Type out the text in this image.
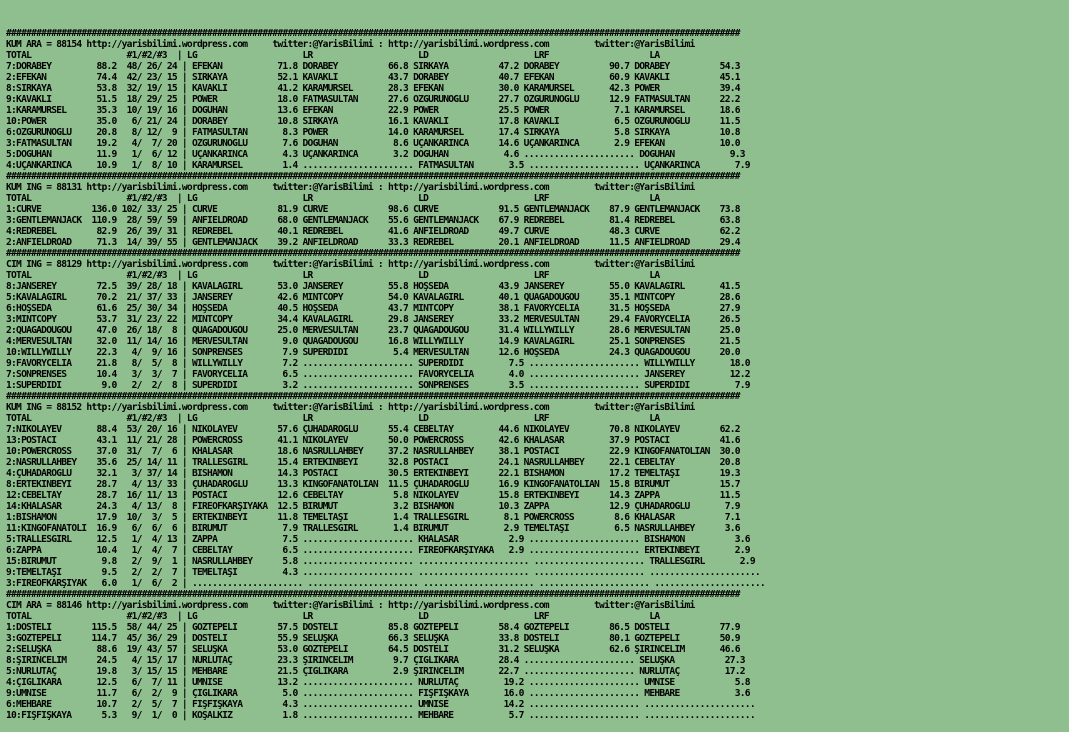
##################################################################################################################################################
KUM ARA = 88154 http://yarisbilimi.wordpress.com     twitter:@YarisBilimi : http://yarisbilimi.wordpress.com         twitter:@YarisBilimi
TOTAL                   #1/#2/#3  | LG                     LR                     LD                     LRF                    LA
7:DORABEY         88.2  48/ 26/ 24 | EFEKAN           71.8 DORABEY          66.8 SIRKAYA          47.2 DORABEY          90.7 DORABEY          54.3
2:EFEKAN          74.4  42/ 23/ 15 | SIRKAYA          52.1 KAVAKLI          43.7 DORABEY          40.7 EFEKAN           60.9 KAVAKLI          45.1
8:SIRKAYA         53.8  32/ 19/ 15 | KAVAKLI          41.2 KARAMÜRSEL       28.3 EFEKAN           30.0 KARAMÜRSEL       42.3 POWER            39.4
9:KAVAKLI         51.5  18/ 29/ 25 | POWER            18.0 FATMASULTAN      27.6 ÖZGÜRÜNOĞLU      27.7 ÖZGÜRÜNOĞLU      12.9 FATMASULTAN      22.2
1:KARAMÜRSEL      35.3  10/ 19/ 16 | DOĞUHAN          13.6 EFEKAN           22.9 POWER            25.5 POWER             7.1 KARAMÜRSEL       18.6
10:POWER          35.0   6/ 21/ 24 | DORABEY          10.8 SIRKAYA          16.1 KAVAKLI          17.8 KAVAKLI           6.5 ÖZGÜRÜNOĞLU      11.5
6:ÖZGÜRÜNOĞLU     20.8   8/ 12/  9 | FATMASULTAN       8.3 POWER            14.0 KARAMÜRSEL       17.4 SIRKAYA           5.8 SIRKAYA          10.8
3:FATMASULTAN     19.2   4/  7/ 20 | ÖZGÜRÜNOĞLU       7.6 DOĞUHAN           8.6 UÇANKARINCA      14.6 UÇANKARINCA       2.9 EFEKAN           10.0
5:DOĞUHAN         11.9   1/  6/ 12 | UÇANKARINCA       4.3 UÇANKARINCA       3.2 DOĞUHAN           4.6 ...................... DOĞUHAN           9.3
4:UÇANKARINCA     10.9   1/  8/ 10 | KARAMÜRSEL        1.4 ...................... FATMASULTAN       3.5 ...................... UÇANKARINCA       7.9
##################################################################################################################################################
KUM ING = 88131 http://yarisbilimi.wordpress.com     twitter:@YarisBilimi : http://yarisbilimi.wordpress.com         twitter:@YarisBilimi
TOTAL                   #1/#2/#3  | LG                     LR                     LD                     LRF                    LA
1:CURVE          136.0 102/ 33/ 25 | CURVE            81.9 CURVE            98.6 CURVE            91.5 GENTLEMANJACK    87.9 GENTLEMANJACK    73.8
3:GENTLEMANJACK  110.9  28/ 59/ 59 | ANFIELDROAD      68.0 GENTLEMANJACK    55.6 GENTLEMANJACK    67.9 REDREBEL         81.4 REDREBEL         63.8
4:REDREBEL        82.9  26/ 39/ 31 | REDREBEL         40.1 REDREBEL         41.6 ANFIELDROAD      49.7 CURVE            48.3 CURVE            62.2
2:ANFIELDROAD     71.3  14/ 39/ 55 | GENTLEMANJACK    39.2 ANFIELDROAD      33.3 REDREBEL         20.1 ANFIELDROAD      11.5 ANFIELDROAD      29.4
##################################################################################################################################################
CIM ING = 88129 http://yarisbilimi.wordpress.com     twitter:@YarisBilimi : http://yarisbilimi.wordpress.com         twitter:@YarisBilimi
TOTAL                   #1/#2/#3  | LG                     LR                     LD                     LRF                    LA
8:JANSEREY        72.5  39/ 28/ 18 | KAVALAGIRL       53.0 JANSEREY         55.8 HOŞSEDA          43.9 JANSEREY         55.0 KAVALAGIRL       41.5
5:KAVALAGIRL      70.2  21/ 37/ 33 | JANSEREY         42.6 MINTCOPY         54.0 KAVALAGIRL       40.1 QUAGADOUGOU      35.1 MINTCOPY         28.6
6:HOŞSEDA         61.6  25/ 30/ 34 | HOŞSEDA          40.5 HOŞSEDA          43.7 MINTCOPY         38.1 FAVORYCELIA      31.5 HOŞSEDA          27.9
3:MINTCOPY        53.7  31/ 23/ 22 | MINTCOPY         34.4 KAVALAGIRL       29.8 JANSEREY         33.2 MERVESULTAN      29.4 FAVORYCELIA      26.5
2:QUAGADOUGOU     47.0  26/ 18/  8 | QUAGADOUGOU      25.0 MERVESULTAN      23.7 QUAGADOUGOU      31.4 WILLYWILLY       28.6 MERVESULTAN      25.0
4:MERVESULTAN     32.0  11/ 14/ 16 | MERVESULTAN       9.0 QUAGADOUGOU      16.8 WILLYWILLY       14.9 KAVALAGIRL       25.1 SONPRENSES       21.5
10:WILLYWILLY     22.3   4/  9/ 16 | SONPRENSES        7.9 SUPERDİDİ         5.4 MERVESULTAN      12.6 HOŞSEDA          24.3 QUAGADOUGOU      20.0
9:FAVORYCELIA     21.8   8/  5/  8 | WILLYWILLY        7.2 ...................... SUPERDİDİ         7.5 ...................... WILLYWILLY       18.0
7:SONPRENSES      10.4   3/  3/  7 | FAVORYCELIA       6.5 ...................... FAVORYCELIA       4.0 ...................... JANSEREY         12.2
1:SUPERDİDİ        9.0   2/  2/  8 | SUPERDİDİ         3.2 ...................... SONPRENSES        3.5 ...................... SUPERDİDİ         7.9
##################################################################################################################################################
KUM ING = 88152 http://yarisbilimi.wordpress.com     twitter:@YarisBilimi : http://yarisbilimi.wordpress.com         twitter:@YarisBilimi
TOTAL                   #1/#2/#3  | LG                     LR                     LD                     LRF                    LA
7:NIKOLAYEV       88.4  53/ 20/ 16 | NIKOLAYEV        57.6 ÇUHADAROĞLU      55.4 CEBELTAY         44.6 NIKOLAYEV        70.8 NIKOLAYEV        62.2
13:POSTACI        43.1  11/ 21/ 28 | POWERCROSS       41.1 NIKOLAYEV        50.0 POWERCROSS       42.6 KHALASAR         37.9 POSTACI          41.6
10:POWERCROSS     37.0  31/  7/  6 | KHALASAR         18.6 NASRULLAHBEY     37.2 NASRULLAHBEY     38.1 POSTACI          22.9 KINGOFANATOLIAN  30.0
2:NASRULLAHBEY    35.6  25/ 14/ 11 | TRALLESGIRL      15.4 ERTEKİNBEYİ      32.8 POSTACI          24.1 NASRULLAHBEY     22.1 CEBELTAY         20.8
4:ÇUHADAROĞLU     32.1   3/ 37/ 14 | BİSHAMON         14.3 POSTACI          30.5 ERTEKİNBEYİ      22.1 BİSHAMON         17.2 TEMELTAŞI        19.3
8:ERTEKİNBEYİ     28.7   4/ 13/ 33 | ÇUHADAROĞLU      13.3 KINGOFANATOLIAN  11.5 ÇUHADAROĞLU      16.9 KINGOFANATOLIAN  15.8 BİRUMUT          15.7
12:CEBELTAY       28.7  16/ 11/ 13 | POSTACI          12.6 CEBELTAY          5.8 NIKOLAYEV        15.8 ERTEKİNBEYİ      14.3 ZAPPA            11.5
14:KHALASAR       24.3   4/ 13/  8 | FIREOFKARŞIYAKA  12.5 BİRUMUT           3.2 BİSHAMON         10.3 ZAPPA            12.9 ÇUHADAROĞLU       7.9
1:BİSHAMON        17.9  10/  3/  5 | ERTEKİNBEYİ      11.8 TEMELTAŞI         1.4 TRALLESGIRL       8.1 POWERCROSS        8.6 KHALASAR          7.1
11:KINGOFANATOLI  16.9   6/  6/  6 | BİRUMUT           7.9 TRALLESGIRL       1.4 BİRUMUT           2.9 TEMELTAŞI         6.5 NASRULLAHBEY      3.6
5:TRALLESGIRL     12.5   1/  4/ 13 | ZAPPA             7.5 ...................... KHALASAR          2.9 ...................... BİSHAMON          3.6
6:ZAPPA           10.4   1/  4/  7 | CEBELTAY          6.5 ...................... FIREOFKARŞIYAKA   2.9 ...................... ERTEKİNBEYİ       2.9
15:BİRUMUT         9.8   2/  9/  1 | NASRULLAHBEY      5.8 ...................... ...................... ...................... TRALLESGIRL       2.9
9:TEMELTAŞI        9.5   2/  2/  7 | TEMELTAŞI         4.3 ...................... ...................... ...................... ......................
3:FIREOFKARŞIYAK   6.0   1/  6/  2 | ...................... ...................... ...................... ...................... ......................
##################################################################################################################################################
CIM ARA = 88146 http://yarisbilimi.wordpress.com     twitter:@YarisBilimi : http://yarisbilimi.wordpress.com         twitter:@YarisBilimi
TOTAL                   #1/#2/#3  | LG                     LR                     LD                     LRF                    LA
1:DOSTELİ        115.5  58/ 44/ 25 | GÖZTEPELİ        57.5 DOSTELİ          85.8 GÖZTEPELİ        58.4 GÖZTEPELİ        86.5 DOSTELİ          77.9
3:GÖZTEPELİ      114.7  45/ 36/ 29 | DOSTELİ          55.9 SELUŞKA          66.3 SELUŞKA          33.8 DOSTELİ          80.1 GÖZTEPELİ        50.9
2:SELUŞKA         88.6  19/ 43/ 57 | SELUŞKA          53.0 GÖZTEPELİ        64.5 DOSTELİ          31.2 SELUŞKA          62.6 ŞİRİNCELİM       46.6
8:ŞİRİNCELİM      24.5   4/ 15/ 17 | NURLUTAÇ         23.3 ŞİRİNCELİM        9.7 ÇIĞLIKARA        28.4 ...................... SELUŞKA          27.3
5:NURLUTAÇ        19.8   3/ 15/ 15 | MEHBARE          21.5 ÇIĞLIKARA         2.9 ŞİRİNCELİM       22.7 ...................... NURLUTAÇ         17.2
4:ÇIĞLIKARA       12.5   6/  7/ 11 | UMNİSE           13.2 ...................... NURLUTAÇ         19.2 ...................... UMNİSE            5.8
9:UMNİSE          11.7   6/  2/  9 | ÇIĞLIKARA         5.0 ...................... FIŞFIŞKAYA       16.0 ...................... MEHBARE           3.6
6:MEHBARE         10.7   2/  5/  7 | FIŞFIŞKAYA        4.3 ...................... UMNİSE           14.2 ...................... ......................
10:FIŞFIŞKAYA      5.3   9/  1/  0 | KOŞALKIZ          1.8 ...................... MEHBARE           5.7 ...................... ......................
